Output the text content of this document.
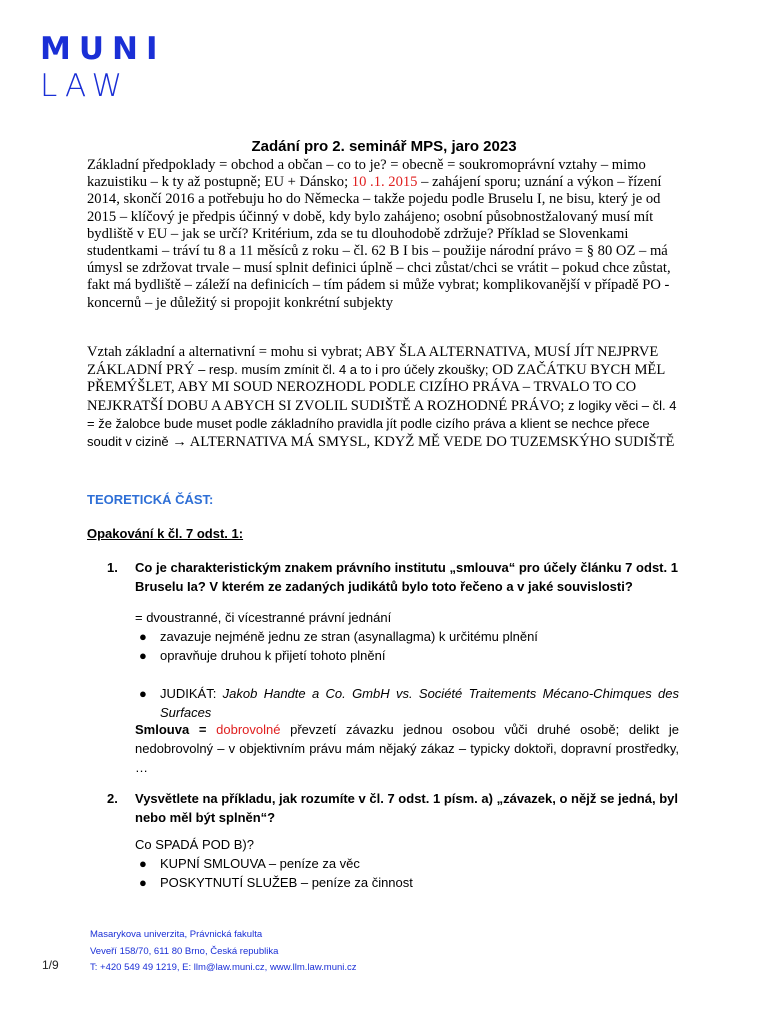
MUNI
LAW
Zadání pro 2. seminář MPS, jaro 2023
Základní předpoklady = obchod a občan – co to je? = obecně = soukromoprávní vztahy – mimo kazuistiku – k ty až postupně; EU + Dánsko; 10 .1. 2015 – zahájení sporu; uznání a výkon – řízení 2014, skončí 2016 a potřebuju ho do Německa – takže pojedu podle Bruselu I, ne bisu, který je od 2015 – klíčový je předpis účinný v době, kdy bylo zahájeno; osobní působnostžalovaný musí mít bydliště v EU – jak se určí? Kritérium, zda se tu dlouhodobě zdržuje? Příklad se Slovenkami studentkami – tráví tu 8 a 11 měsíců z roku – čl. 62 B I bis – použije národní právo = § 80 OZ – má úmysl se zdržovat trvale – musí splnit definici úplně – chci zůstat/chci se vrátit – pokud chce zůstat, fakt má bydliště – záleží na definicích – tím pádem si může vybrat; komplikovanější v případě PO - koncernů – je důležitý si propojit konkrétní subjekty
Vztah základní a alternativní = mohu si vybrat; ABY ŠLA ALTERNATIVA, MUSÍ JÍT NEJPRVE ZÁKLADNÍ PRÝ – resp. musím zmínit čl. 4 a to i pro účely zkoušky; OD ZAČÁTKU BYCH MĚL PŘEMÝŠLET, ABY MI SOUD NEROZHODL PODLE CIZÍHO PRÁVA – TRVALO TO CO NEJKRATŠÍ DOBU A ABYCH SI ZVOLIL SUDIŠTĚ A ROZHODNÉ PRÁVO; z logiky věci – čl. 4 = že žalobce bude muset podle základního pravidla jít podle cizího práva a klient se nechce přece soudit v cizině → ALTERNATIVA MÁ SMYSL, KDYŽ MĚ VEDE DO TUZEMSKÝHO SUDIŠTĚ
TEORETICKÁ ČÁST:
Opakování k čl. 7 odst. 1:
1. Co je charakteristickým znakem právního institutu „smlouva“ pro účely článku 7 odst. 1 Bruselu Ia? V kterém ze zadaných judikátů bylo toto řečeno a v jaké souvislosti?
= dvoustranné, či vícestranné právní jednání
● zavazuje nejméně jednu ze stran (asynallagma) k určitému plnění
● opravňuje druhou k přijetí tohoto plnění
● JUDIKÁT: Jakob Handte a Co. GmbH vs. Société Traitements Mécano-Chimques des Surfaces
Smlouva = dobrovolné převzetí závazku jednou osobou vůči druhé osobě; delikt je nedobrovolný – v objektivním právu mám nějaký zákaz – typicky doktoři, dopravní prostředky, …
2. Vysvětlete na příkladu, jak rozumíte v čl. 7 odst. 1 písm. a) „závazek, o nějž se jedná, byl nebo měl být splněn“?
Co SPADÁ POD B)?
● KUPNÍ SMLOUVA – peníze za věc
● POSKYTNUTÍ SLUŽEB – peníze za činnost
Masarykova univerzita, Právnická fakulta
Veveří 158/70, 611 80 Brno, Česká republika
T: +420 549 49 1219, E: llm@law.muni.cz, www.llm.law.muni.cz
1/9
